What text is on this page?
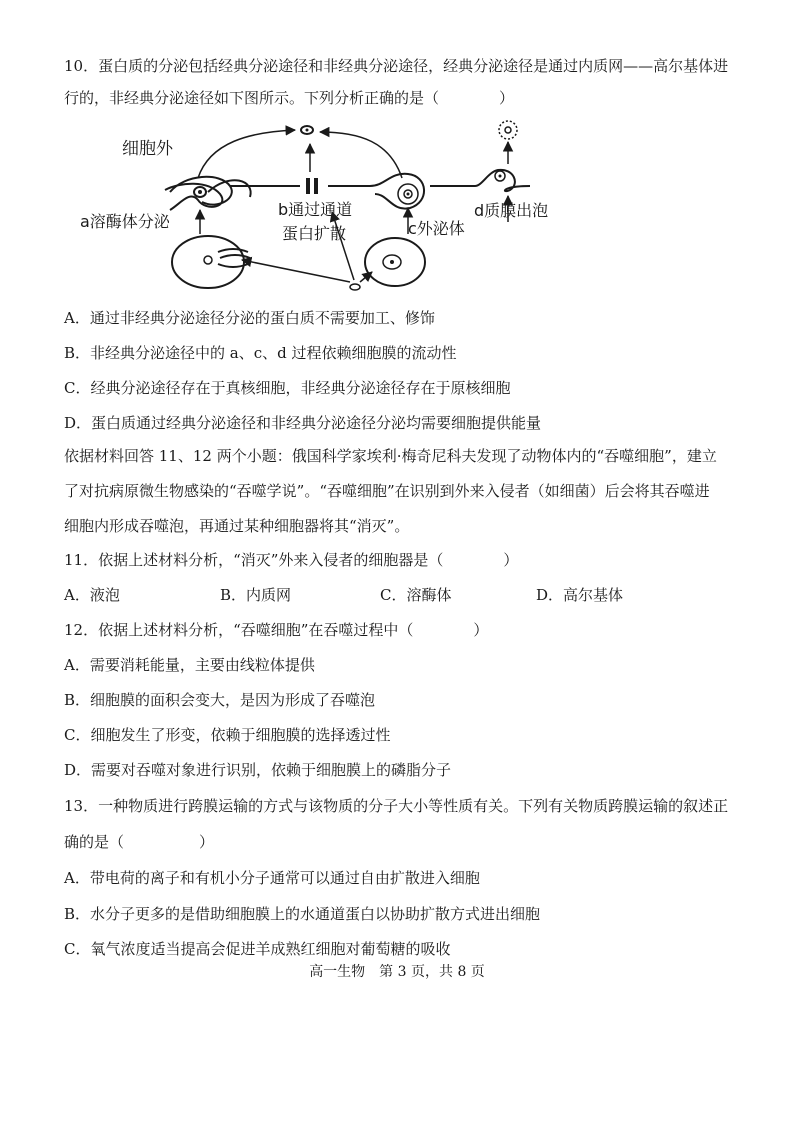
10．蛋白质的分泌包括经典分泌途径和非经典分泌途径，经典分泌途径是通过内质网——高尔基体进
行的，非经典分泌途径如下图所示。下列分析正确的是（　　　　）
细胞外
a溶酶体分泌
b通过通道
蛋白扩散	c外泌体
d质膜出泡
A．通过非经典分泌途径分泌的蛋白质不需要加工、修饰
B．非经典分泌途径中的 a、c、d 过程依赖细胞膜的流动性
C．经典分泌途径存在于真核细胞，非经典分泌途径存在于原核细胞
D．蛋白质通过经典分泌途径和非经典分泌途径分泌均需要细胞提供能量
依据材料回答 11、12 两个小题：俄国科学家埃利·梅奇尼科夫发现了动物体内的“吞噬细胞”，建立
了对抗病原微生物感染的“吞噬学说”。“吞噬细胞”在识别到外来入侵者（如细菌）后会将其吞噬进
细胞内形成吞噬泡，再通过某种细胞器将其“消灭”。
11．依据上述材料分析，“消灭”外来入侵者的细胞器是（　　　　）
A．液泡	B．内质网	C．溶酶体	D．高尔基体
12．依据上述材料分析，“吞噬细胞”在吞噬过程中（　　　　）
A．需要消耗能量，主要由线粒体提供
B．细胞膜的面积会变大，是因为形成了吞噬泡
C．细胞发生了形变，依赖于细胞膜的选择透过性
D．需要对吞噬对象进行识别，依赖于细胞膜上的磷脂分子
13．一种物质进行跨膜运输的方式与该物质的分子大小等性质有关。下列有关物质跨膜运输的叙述正
确的是（　　　　　）
A．带电荷的离子和有机小分子通常可以通过自由扩散进入细胞
B．水分子更多的是借助细胞膜上的水通道蛋白以协助扩散方式进出细胞
C．氧气浓度适当提高会促进羊成熟红细胞对葡萄糖的吸收
高一生物　第 3 页，共 8 页
